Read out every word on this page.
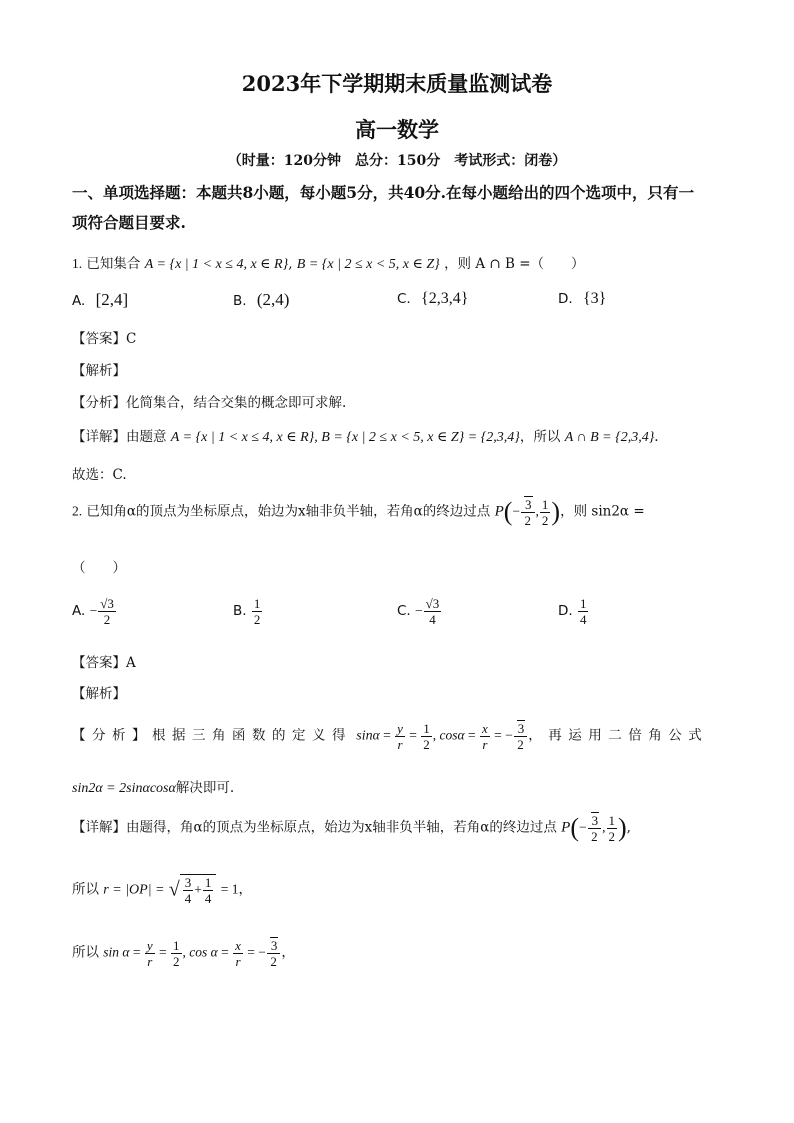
2023年下学期期末质量监测试卷
高一数学
（时量：120分钟　总分：150分　考试形式：闭卷）
一、单项选择题：本题共8小题，每小题5分，共40分.在每小题给出的四个选项中，只有一
项符合题目要求.
1. 已知集合 A = {x | 1 < x ≤ 4, x ∈ R}, B = {x | 2 ≤ x < 5, x ∈ Z} ，则 A ∩ B =（　　）
A. [2,4]	B. (2,4)	C. {2,3,4}	D. {3}
【答案】C
【解析】
【分析】化简集合，结合交集的概念即可求解.
【详解】由题意 A = {x | 1 < x ≤ 4, x ∈ R}, B = {x | 2 ≤ x < 5, x ∈ Z} = {2,3,4}，所以 A ∩ B = {2,3,4}.
故选：C.
2. 已知角α的顶点为坐标原点，始边为x轴非负半轴，若角α的终边过点 $P(- \frac{3}{2}$ , $\frac{1}{2}$ )，则 sin2α =
（　　）
A. − $\frac{√3}{2}$	B. $\frac{1}{2}$	C. − $\frac{√3}{4}$	D. $\frac{1}{4}$
【答案】A
【解析】
【分析】根据三角函数的定义得 $\sin\alpha = \frac{y}{r} = \frac{1}{2}$ , $\cos\alpha = \frac{x}{r}$ = − $\frac{3}{2}$ ，再运用二倍角公式
sin2α = 2sinαcosα解决即可.
【详解】由题得，角α的顶点为坐标原点，始边为x轴非负半轴，若角α的终边过点 $P(- \frac{3}{2}$ , $\frac{1}{2}$ ),
所以 r = |OP| = √ $\frac{3}{4} + \frac{1}{4} = 1$，
所以 $\sin \alpha = \frac{y}{r} = \frac{1}{2}$ , $\cos \alpha = \frac{x}{r}$ = − $\frac{3}{2}$ ，
